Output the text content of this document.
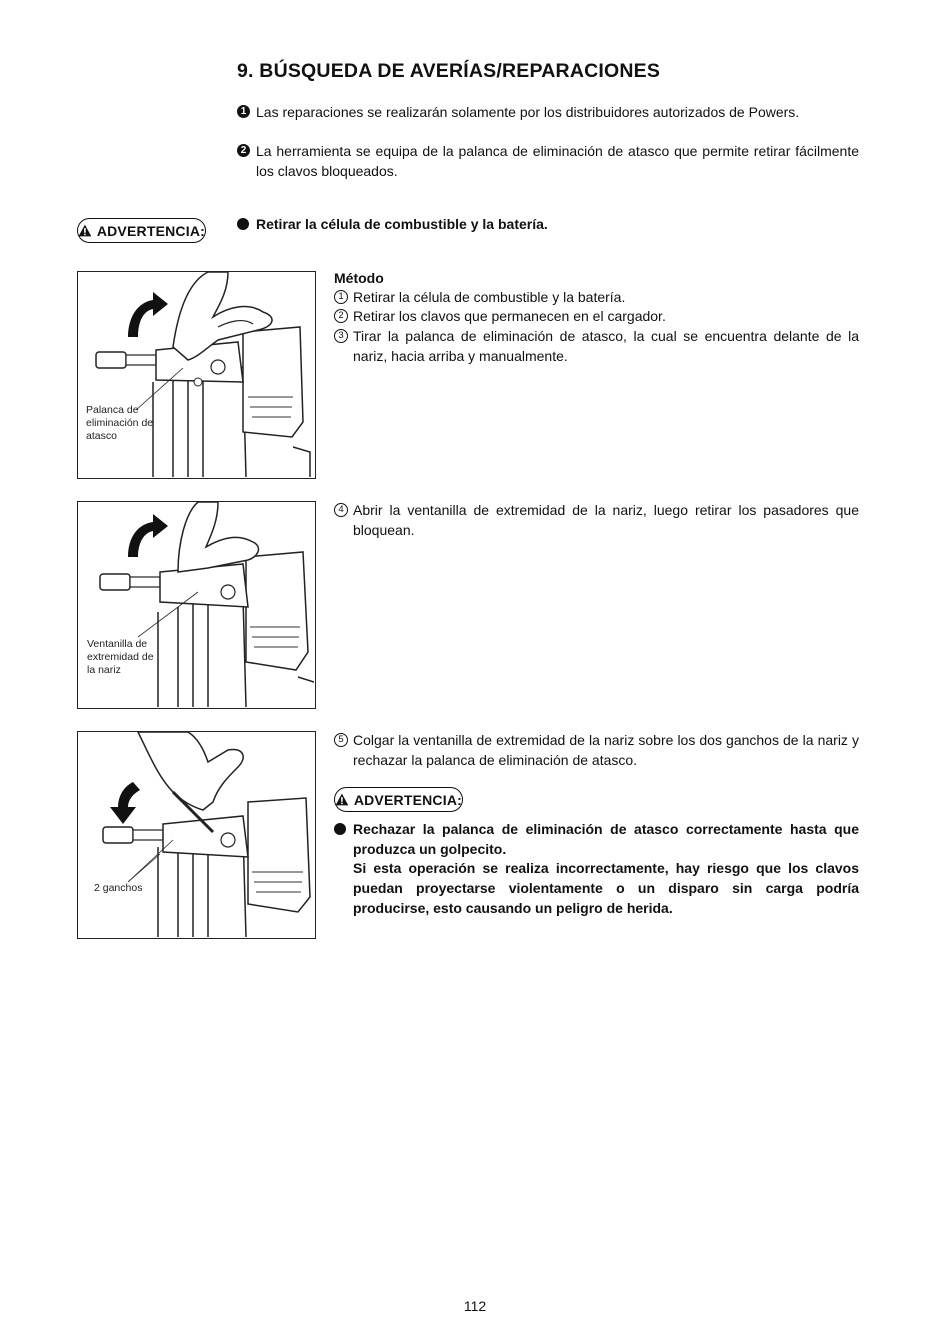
9. BÚSQUEDA DE AVERÍAS/REPARACIONES
1 Las reparaciones se realizarán solamente por los distribuidores autorizados de Powers.
2 La herramienta se equipa de la palanca de eliminación de atasco que permite retirar fácilmente los clavos bloqueados.
ADVERTENCIA:	Retirar la célula de combustible y la batería.
Método
1 Retirar la célula de combustible y la batería.
2 Retirar los clavos que permanecen en el cargador.
3 Tirar la palanca de eliminación de atasco, la cual se encuentra delante de la nariz, hacia arriba y manualmente.
4 Abrir la ventanilla de extremidad de la nariz, luego retirar los pasadores que bloquean.
5 Colgar la ventanilla de extremidad de la nariz sobre los dos ganchos de la nariz y rechazar la palanca de eliminación de atasco.
ADVERTENCIA:
Rechazar la palanca de eliminación de atasco correctamente hasta que produzca un golpecito.
Si esta operación se realiza incorrectamente, hay riesgo que los clavos puedan proyectarse violentamente o un disparo sin carga podría producirse, esto causando un peligro de herida.
Palanca de
eliminación de
atasco
Ventanilla de
extremidad de
la nariz
2 ganchos
112
